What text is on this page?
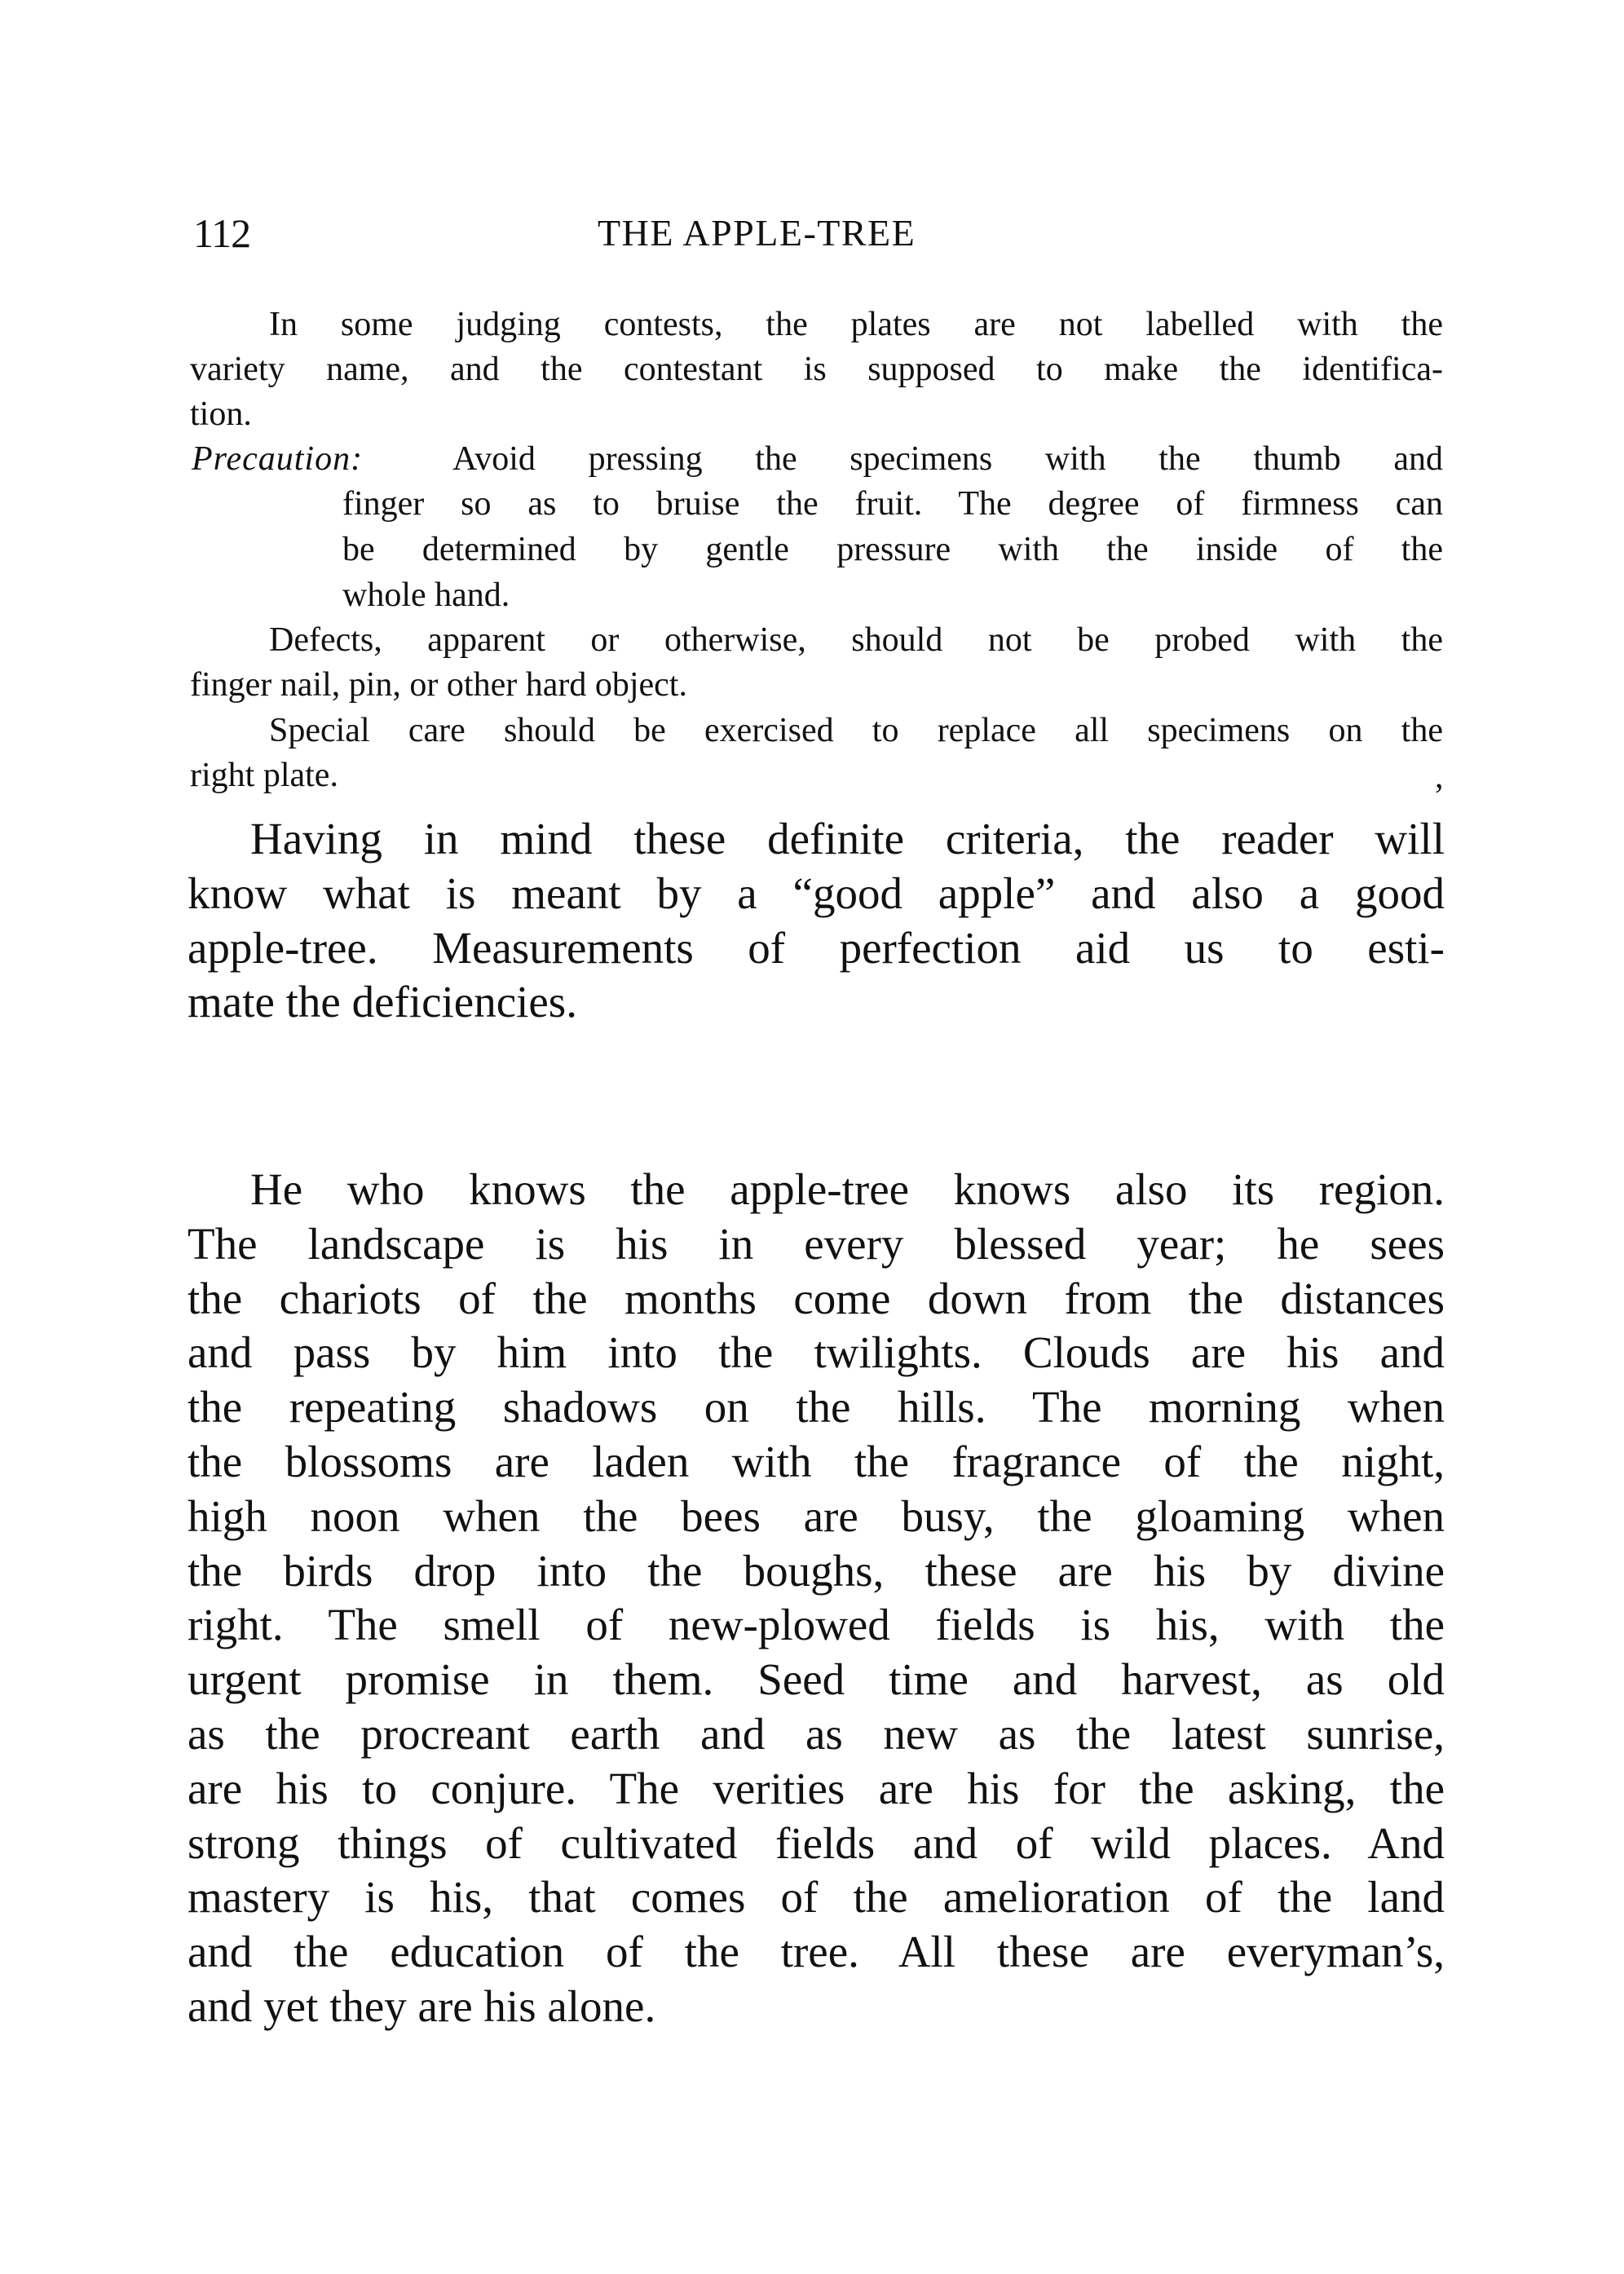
112	THE APPLE-TREE
In some judging contests, the plates are not labelled with the
variety name, and the contestant is supposed to make the identifica-
tion.
Precaution:	Avoid pressing the specimens with the thumb and
finger so as to bruise the fruit. The degree of firmness can
be determined by gentle pressure with the inside of the
whole hand.
Defects, apparent or otherwise, should not be probed with the
finger nail, pin, or other hard object.
Special care should be exercised to replace all specimens on the
right plate.	,
Having in mind these definite criteria, the reader will
know what is meant by a “good apple” and also a good
apple-tree. Measurements of perfection aid us to esti-
mate the deficiencies.
He who knows the apple-tree knows also its region.
The landscape is his in every blessed year; he sees
the chariots of the months come down from the distances
and pass by him into the twilights. Clouds are his and
the repeating shadows on the hills. The morning when
the blossoms are laden with the fragrance of the night,
high noon when the bees are busy, the gloaming when
the birds drop into the boughs, these are his by divine
right. The smell of new-plowed fields is his, with the
urgent promise in them. Seed time and harvest, as old
as the procreant earth and as new as the latest sunrise,
are his to conjure. The verities are his for the asking, the
strong things of cultivated fields and of wild places. And
mastery is his, that comes of the amelioration of the land
and the education of the tree. All these are everyman’s,
and yet they are his alone.
